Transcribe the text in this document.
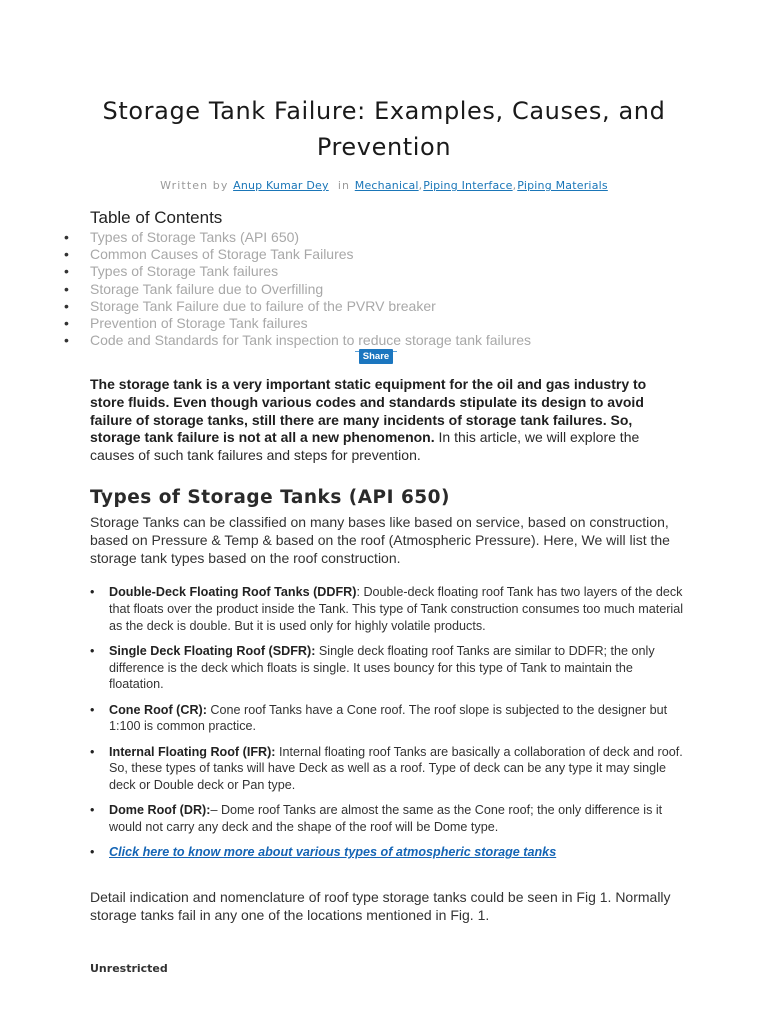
Storage Tank Failure: Examples, Causes, and Prevention
Written by Anup Kumar Dey in Mechanical,Piping Interface,Piping Materials
Table of Contents
• Types of Storage Tanks (API 650)
• Common Causes of Storage Tank Failures
• Types of Storage Tank failures
• Storage Tank failure due to Overfilling
• Storage Tank Failure due to failure of the PVRV breaker
• Prevention of Storage Tank failures
• Code and Standards for Tank inspection to reduce storage tank failures
Share

The storage tank is a very important static equipment for the oil and gas industry to store fluids. Even though various codes and standards stipulate its design to avoid failure of storage tanks, still there are many incidents of storage tank failures. So, storage tank failure is not at all a new phenomenon. In this article, we will explore the causes of such tank failures and steps for prevention.

Types of Storage Tanks (API 650)

Storage Tanks can be classified on many bases like based on service, based on construction, based on Pressure & Temp & based on the roof (Atmospheric Pressure). Here, We will list the storage tank types based on the roof construction.

• Double-Deck Floating Roof Tanks (DDFR): Double-deck floating roof Tank has two layers of the deck that floats over the product inside the Tank. This type of Tank construction consumes too much material as the deck is double. But it is used only for highly volatile products.
• Single Deck Floating Roof (SDFR): Single deck floating roof Tanks are similar to DDFR; the only difference is the deck which floats is single. It uses bouncy for this type of Tank to maintain the floatation.
• Cone Roof (CR): Cone roof Tanks have a Cone roof. The roof slope is subjected to the designer but 1:100 is common practice.
• Internal Floating Roof (IFR): Internal floating roof Tanks are basically a collaboration of deck and roof. So, these types of tanks will have Deck as well as a roof. Type of deck can be any type it may single deck or Double deck or Pan type.
• Dome Roof (DR):– Dome roof Tanks are almost the same as the Cone roof; the only difference is it would not carry any deck and the shape of the roof will be Dome type.
• Click here to know more about various types of atmospheric storage tanks

Detail indication and nomenclature of roof type storage tanks could be seen in Fig 1. Normally storage tanks fail in any one of the locations mentioned in Fig. 1.

Unrestricted
